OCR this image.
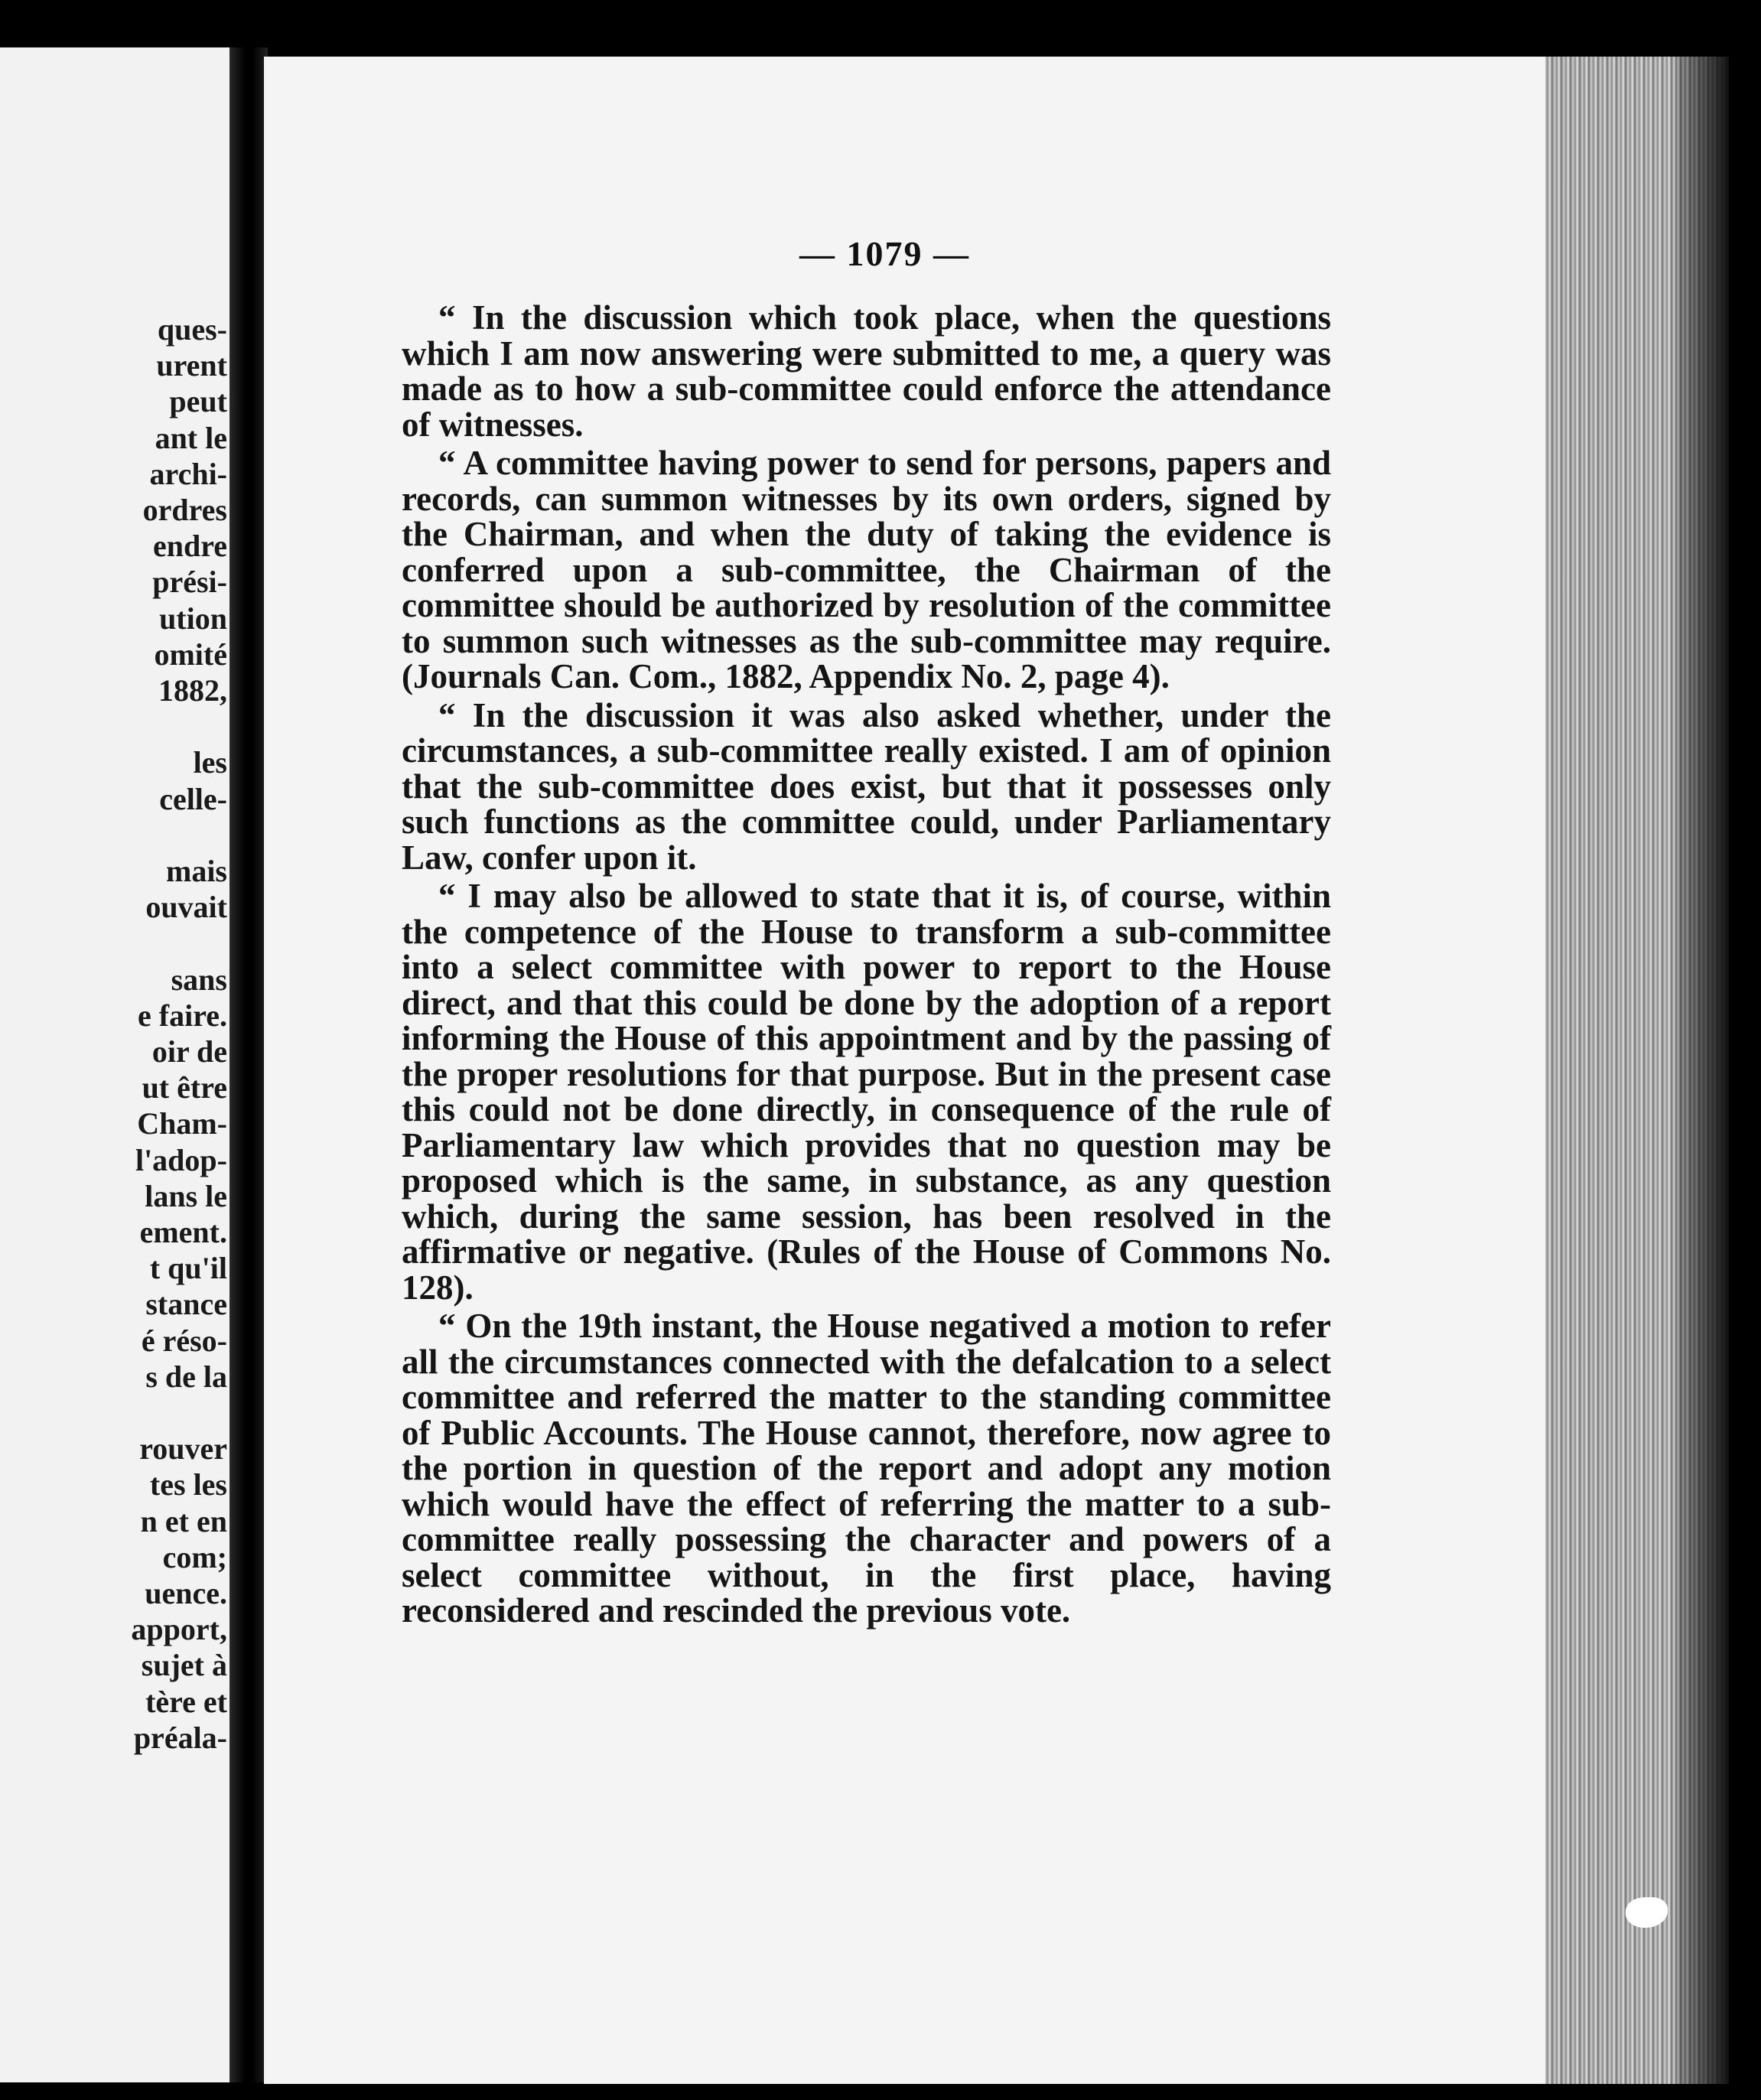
ques-
urent
peut
ant le
archi-
ordres
endre
prési-
ution
omité
1882,
les
celle-
mais
ouvait
sans
e faire.
oir de
ut être
Cham-
l'adop-
lans le
ement.
t qu'il
stance
é réso-
s de la
rouver
tes les
n et en
com;
uence.
apport,
sujet à
tère et
préala-
— 1079 —

“ In the discussion which took place, when the questions which I am now answering were submitted to me, a query was made as to how a sub-committee could enforce the attendance of witnesses.

“ A committee having power to send for persons, papers and records, can summon witnesses by its own orders, signed by the Chairman, and when the duty of taking the evidence is conferred upon a sub-committee, the Chairman of the committee should be authorized by resolution of the committee to summon such witnesses as the sub-committee may require. (Journals Can. Com., 1882, Appendix No. 2, page 4).

“ In the discussion it was also asked whether, under the circumstances, a sub-committee really existed. I am of opinion that the sub-committee does exist, but that it possesses only such functions as the committee could, under Parliamentary Law, confer upon it.

“ I may also be allowed to state that it is, of course, within the competence of the House to transform a sub-committee into a select committee with power to report to the House direct, and that this could be done by the adoption of a report informing the House of this appointment and by the passing of the proper resolutions for that purpose. But in the present case this could not be done directly, in consequence of the rule of Parliamentary law which provides that no question may be proposed which is the same, in substance, as any question which, during the same session, has been resolved in the affirmative or negative. (Rules of the House of Commons No. 128).

“ On the 19th instant, the House negatived a motion to refer all the circumstances connected with the defalcation to a select committee and referred the matter to the standing committee of Public Accounts. The House cannot, therefore, now agree to the portion in question of the report and adopt any motion which would have the effect of referring the matter to a sub-committee really possessing the character and powers of a select committee without, in the first place, having reconsidered and rescinded the previous vote.
